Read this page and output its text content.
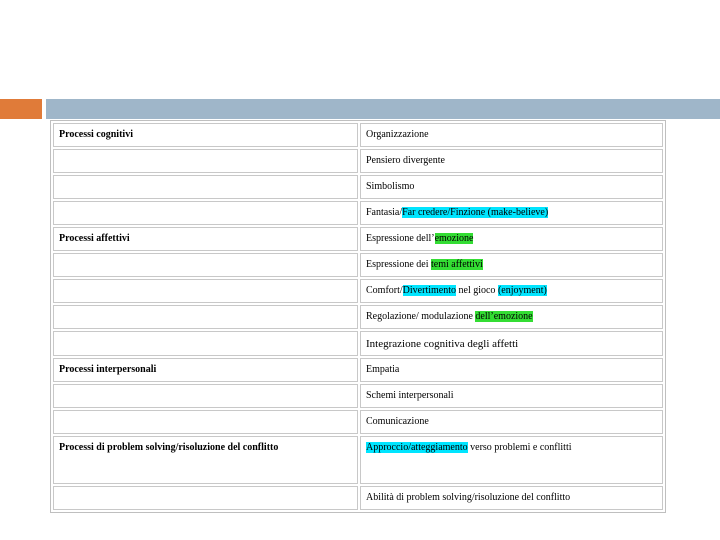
Processi cognitivi	Organizzazione
	Pensiero divergente
	Simbolismo
	Fantasia/Far credere/Finzione (make-believe)
Processi affettivi	Espressione dell’emozione
	Espressione dei temi affettivi
	Comfort/Divertimento nel gioco (enjoyment)
	Regolazione/ modulazione dell’emozione
	Integrazione cognitiva degli affetti
Processi interpersonali	Empatia
	Schemi interpersonali
	Comunicazione
Processi di problem solving/risoluzione del conflitto	Approccio/atteggiamento verso problemi e conflitti
	Abilità di problem solving/risoluzione del conflitto
